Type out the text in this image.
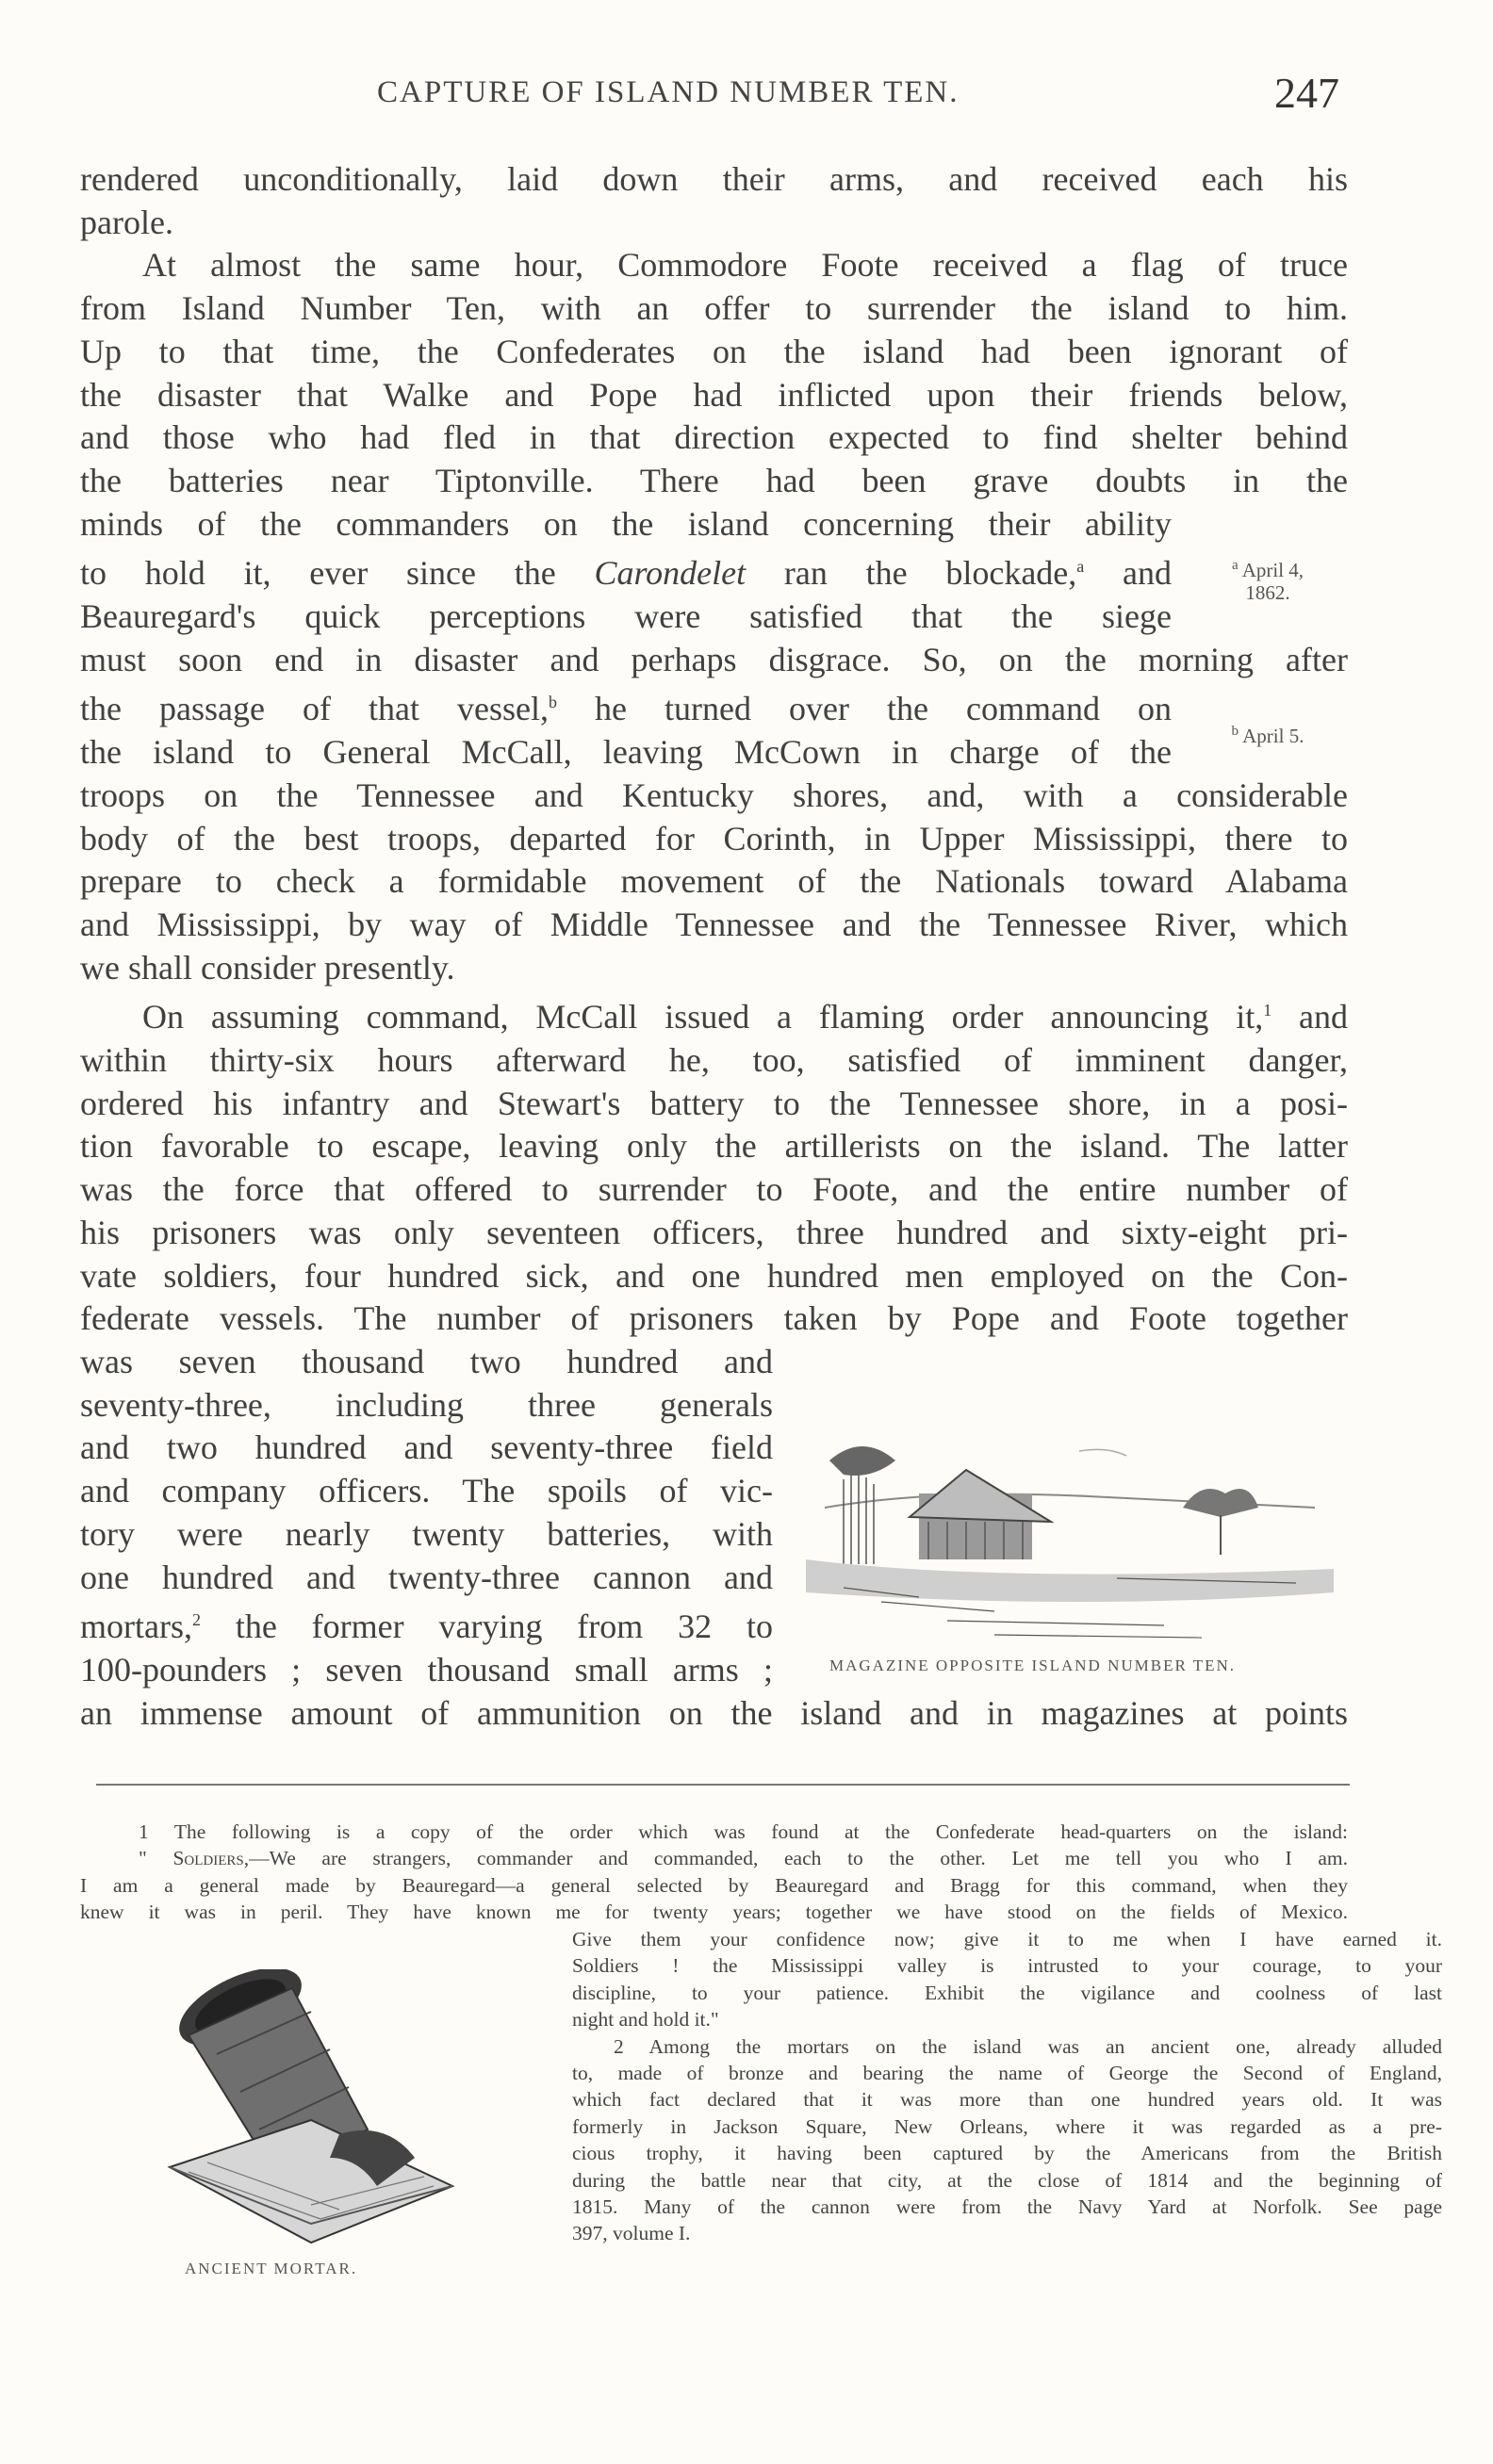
CAPTURE OF ISLAND NUMBER TEN.	247
rendered unconditionally, laid down their arms, and received each his
parole.
At almost the same hour, Commodore Foote received a flag of truce
from Island Number Ten, with an offer to surrender the island to him.
Up to that time, the Confederates on the island had been ignorant of
the disaster that Walke and Pope had inflicted upon their friends below,
and those who had fled in that direction expected to find shelter behind
the batteries near Tiptonville. There had been grave doubts in the
minds of the commanders on the island concerning their ability
to hold it, ever since the Carondelet ran the blockade,$^a$ and
Beauregard's quick perceptions were satisfied that the siege
must soon end in disaster and perhaps disgrace. So, on the morning after
the passage of that vessel,$^b$ he turned over the command on
the island to General McCall, leaving McCown in charge of the
troops on the Tennessee and Kentucky shores, and, with a considerable
body of the best troops, departed for Corinth, in Upper Mississippi, there to
prepare to check a formidable movement of the Nationals toward Alabama
and Mississippi, by way of Middle Tennessee and the Tennessee River, which
we shall consider presently.
On assuming command, McCall issued a flaming order announcing it,$^1$ and
within thirty-six hours afterward he, too, satisfied of imminent danger,
ordered his infantry and Stewart's battery to the Tennessee shore, in a posi-
tion favorable to escape, leaving only the artillerists on the island. The latter
was the force that offered to surrender to Foote, and the entire number of
his prisoners was only seventeen officers, three hundred and sixty-eight pri-
vate soldiers, four hundred sick, and one hundred men employed on the Con-
federate vessels. The number of prisoners taken by Pope and Foote together
was seven thousand two hundred and
seventy-three, including three generals
and two hundred and seventy-three field
and company officers. The spoils of vic-
tory were nearly twenty batteries, with
one hundred and twenty-three cannon and
mortars,$^2$ the former varying from 32 to
100-pounders ; seven thousand small arms ;
an immense amount of ammunition on the island and in magazines at points
$^a$ April 4,
1862.
$^b$ April 5.
MAGAZINE OPPOSITE ISLAND NUMBER TEN.
1 The following is a copy of the order which was found at the Confederate head-quarters on the island:
" Soldiers,—We are strangers, commander and commanded, each to the other. Let me tell you who I am.
I am a general made by Beauregard—a general selected by Beauregard and Bragg for this command, when they
knew it was in peril. They have known me for twenty years; together we have stood on the fields of Mexico.
Give them your confidence now; give it to me when I have earned it.
Soldiers ! the Mississippi valley is intrusted to your courage, to your
discipline, to your patience. Exhibit the vigilance and coolness of last
night and hold it."
2 Among the mortars on the island was an ancient one, already alluded
to, made of bronze and bearing the name of George the Second of England,
which fact declared that it was more than one hundred years old. It was
formerly in Jackson Square, New Orleans, where it was regarded as a pre-
cious trophy, it having been captured by the Americans from the British
during the battle near that city, at the close of 1814 and the beginning of
1815. Many of the cannon were from the Navy Yard at Norfolk. See page
397, volume I.
ANCIENT MORTAR.
